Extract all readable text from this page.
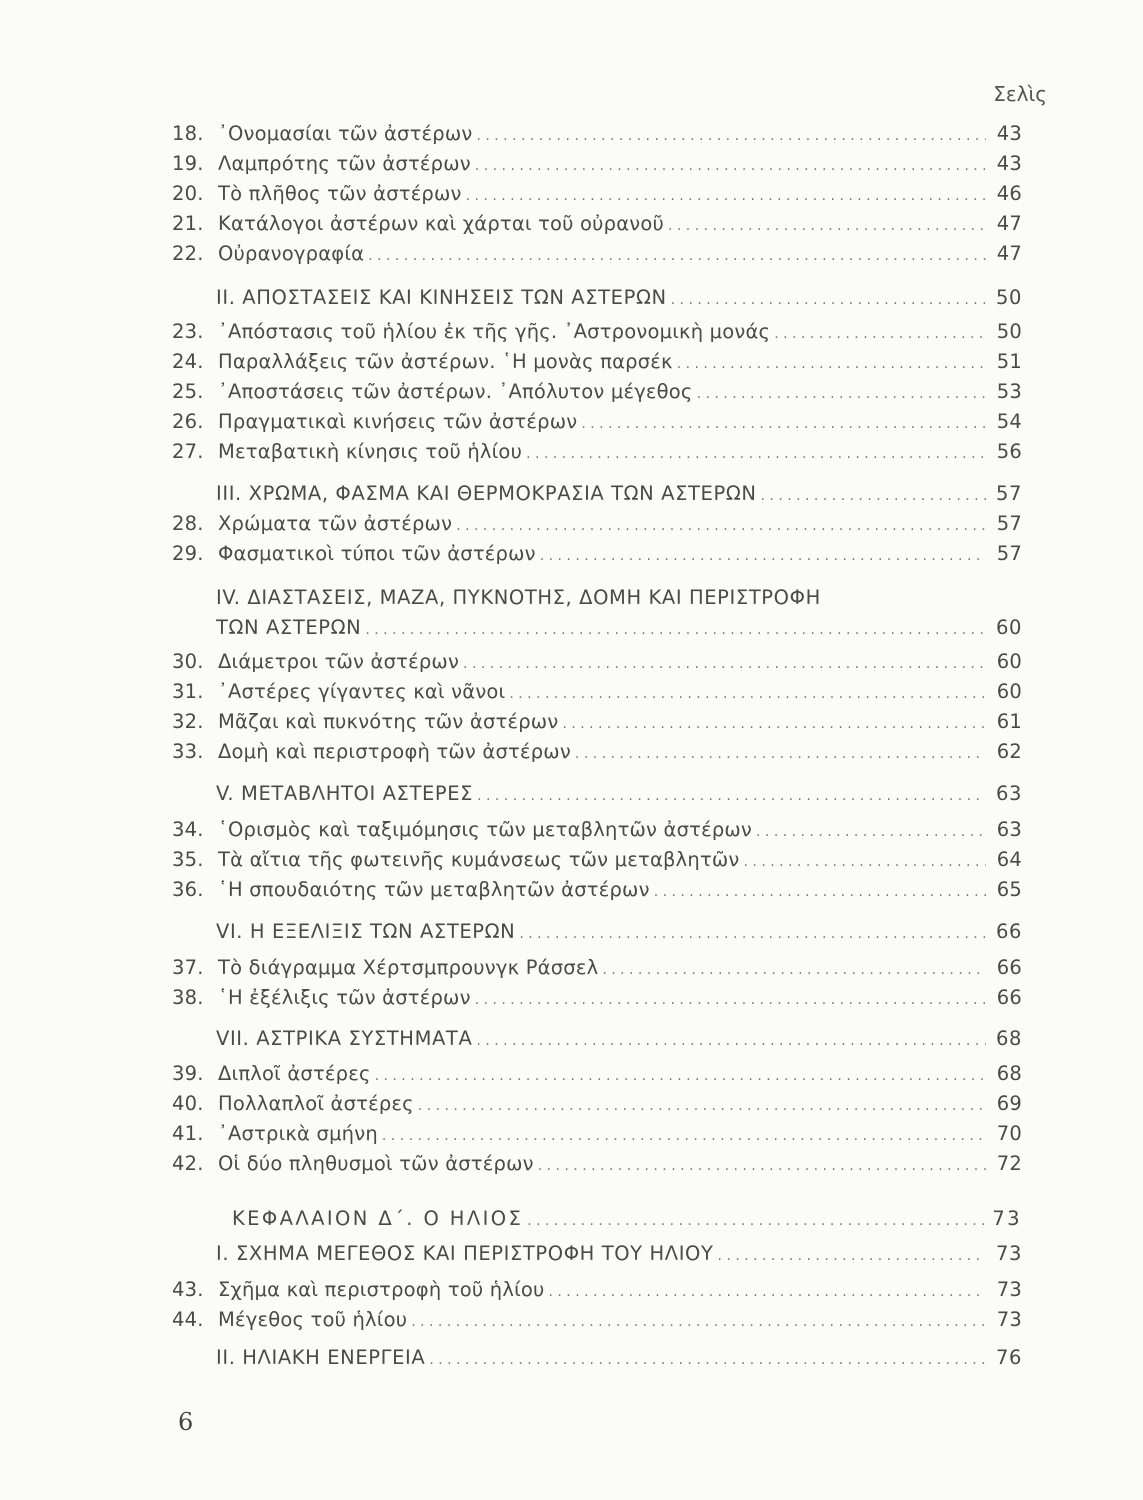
Σελὶς
18. ᾿Ονομασίαι τῶν ἀστέρων . . .	43
19. Λαμπρότης τῶν ἀστέρων . . .	43
20. Τὸ πλῆθος τῶν ἀστέρων . . .	46
21. Κατάλογοι ἀστέρων καὶ χάρται τοῦ οὐρανοῦ . . .	47
22. Οὐρανογραφία . . .	47
ΙΙ. ΑΠΟΣΤΑΣΕΙΣ ΚΑΙ ΚΙΝΗΣΕΙΣ ΤΩΝ ΑΣΤΕΡΩΝ . . .	50
23. ᾿Απόστασις τοῦ ἡλίου ἐκ τῆς γῆς. ᾿Αστρονομικὴ μονάς . . .	50
24. Παραλλάξεις τῶν ἀστέρων. ῾Η μονὰς παρσέκ . . .	51
25. ᾿Αποστάσεις τῶν ἀστέρων. ᾿Απόλυτον μέγεθος . . .	53
26. Πραγματικαὶ κινήσεις τῶν ἀστέρων . . .	54
27. Μεταβατικὴ κίνησις τοῦ ἡλίου . . .	56
ΙΙΙ. ΧΡΩΜΑ, ΦΑΣΜΑ ΚΑΙ ΘΕΡΜΟΚΡΑΣΙΑ ΤΩΝ ΑΣΤΕΡΩΝ . . .	57
28. Χρώματα τῶν ἀστέρων . . .	57
29. Φασματικοὶ τύποι τῶν ἀστέρων . . .	57
IV. ΔΙΑΣΤΑΣΕΙΣ, ΜΑΖΑ, ΠΥΚΝΟΤΗΣ, ΔΟΜΗ ΚΑΙ ΠΕΡΙΣΤΡΟΦΗ
ΤΩΝ ΑΣΤΕΡΩΝ . . .	60
30. Διάμετροι τῶν ἀστέρων . . .	60
31. ᾿Αστέρες γίγαντες καὶ νᾶνοι . . .	60
32. Μᾶζαι καὶ πυκνότης τῶν ἀστέρων . . .	61
33. Δομὴ καὶ περιστροφὴ τῶν ἀστέρων . . .	62
V. ΜΕΤΑΒΛΗΤΟΙ ΑΣΤΕΡΕΣ . . .	63
34. ῾Ορισμὸς καὶ ταξιμόμησις τῶν μεταβλητῶν ἀστέρων . . .	63
35. Τὰ αἴτια τῆς φωτεινῆς κυμάνσεως τῶν μεταβλητῶν . . .	64
36. ῾Η σπουδαιότης τῶν μεταβλητῶν ἀστέρων . . .	65
VI. Η ΕΞΕΛΙΞΙΣ ΤΩΝ ΑΣΤΕΡΩΝ . . .	66
37. Τὸ διάγραμμα Χέρτσμπρουνγκ Ράσσελ . . .	66
38. ῾Η ἐξέλιξις τῶν ἀστέρων . . .	66
VII. ΑΣΤΡΙΚΑ ΣΥΣΤΗΜΑΤΑ . . .	68
39. Διπλοῖ ἀστέρες . . .	68
40. Πολλαπλοῖ ἀστέρες . . .	69
41. ᾿Αστρικὰ σμήνη . . .	70
42. Οἱ δύο πληθυσμοὶ τῶν ἀστέρων . . .	72
ΚΕΦΑΛΑΙΟΝ Δ΄. Ο ΗΛΙΟΣ . . .	73
Ι. ΣΧΗΜΑ ΜΕΓΕΘΟΣ ΚΑΙ ΠΕΡΙΣΤΡΟΦΗ ΤΟΥ ΗΛΙΟΥ . . .	73
43. Σχῆμα καὶ περιστροφὴ τοῦ ἡλίου . . .	73
44. Μέγεθος τοῦ ἡλίου . . .	73
ΙΙ. ΗΛΙΑΚΗ ΕΝΕΡΓΕΙΑ . . .	76
6
